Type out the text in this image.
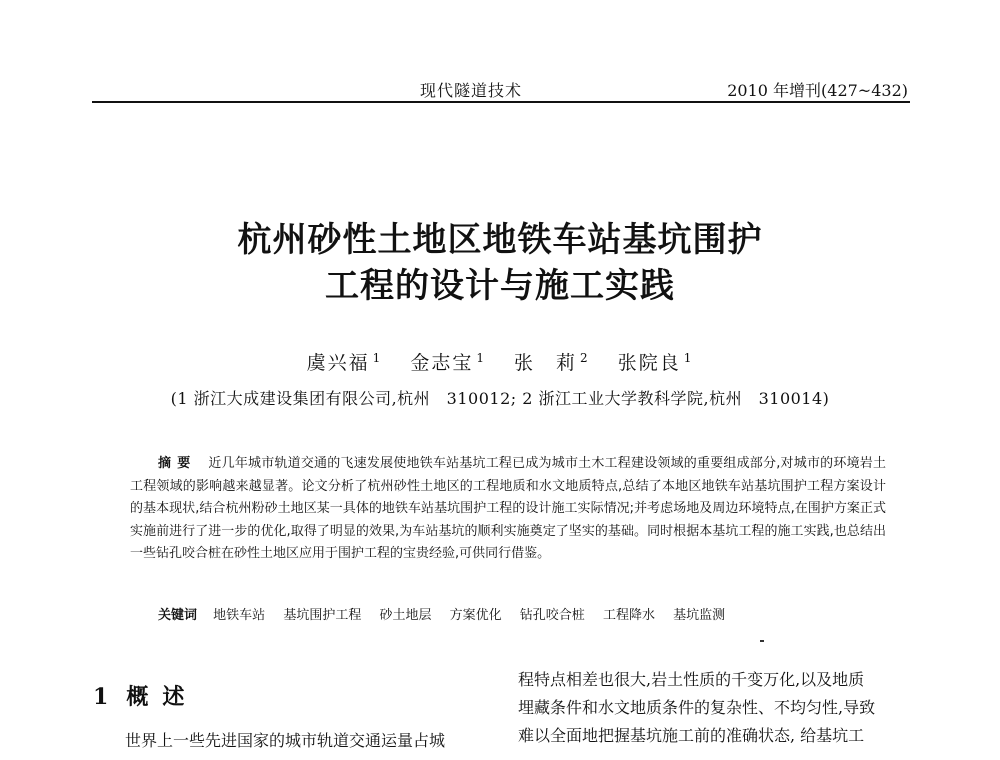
现代隧道技术	2010 年增刊(427~432)
杭州砂性土地区地铁车站基坑围护
工程的设计与施工实践
虞兴福 $^1$ 金志宝 $^1$ 张　莉 $^2$ 张院良 $^1$
(1 浙江大成建设集团有限公司,杭州　310012; 2 浙江工业大学教科学院,杭州　310014)
摘要 近几年城市轨道交通的飞速发展使地铁车站基坑工程已成为城市土木工程建设领域的重要组成部分,对城市的环境岩土工程领域的影响越来越显著。论文分析了杭州砂性土地区的工程地质和水文地质特点,总结了本地区地铁车站基坑围护工程方案设计的基本现状,结合杭州粉砂土地区某一具体的地铁车站基坑围护工程的设计施工实际情况;并考虑场地及周边环境特点,在围护方案正式实施前进行了进一步的优化,取得了明显的效果,为车站基坑的顺利实施奠定了坚实的基础。同时根据本基坑工程的施工实践,也总结出一些钻孔咬合桩在砂性土地区应用于围护工程的宝贵经验,可供同行借鉴。
关键词 地铁车站 基坑围护工程 砂土地层 方案优化 钻孔咬合桩 工程降水 基坑监测
1 概述
世界上一些先进国家的城市轨道交通运量占城

程特点相差也很大,岩土性质的千变万化,以及地质

埋藏条件和水文地质条件的复杂性、不均匀性,导致

难以全面地把握基坑施工前的准确状态, 给基坑工
